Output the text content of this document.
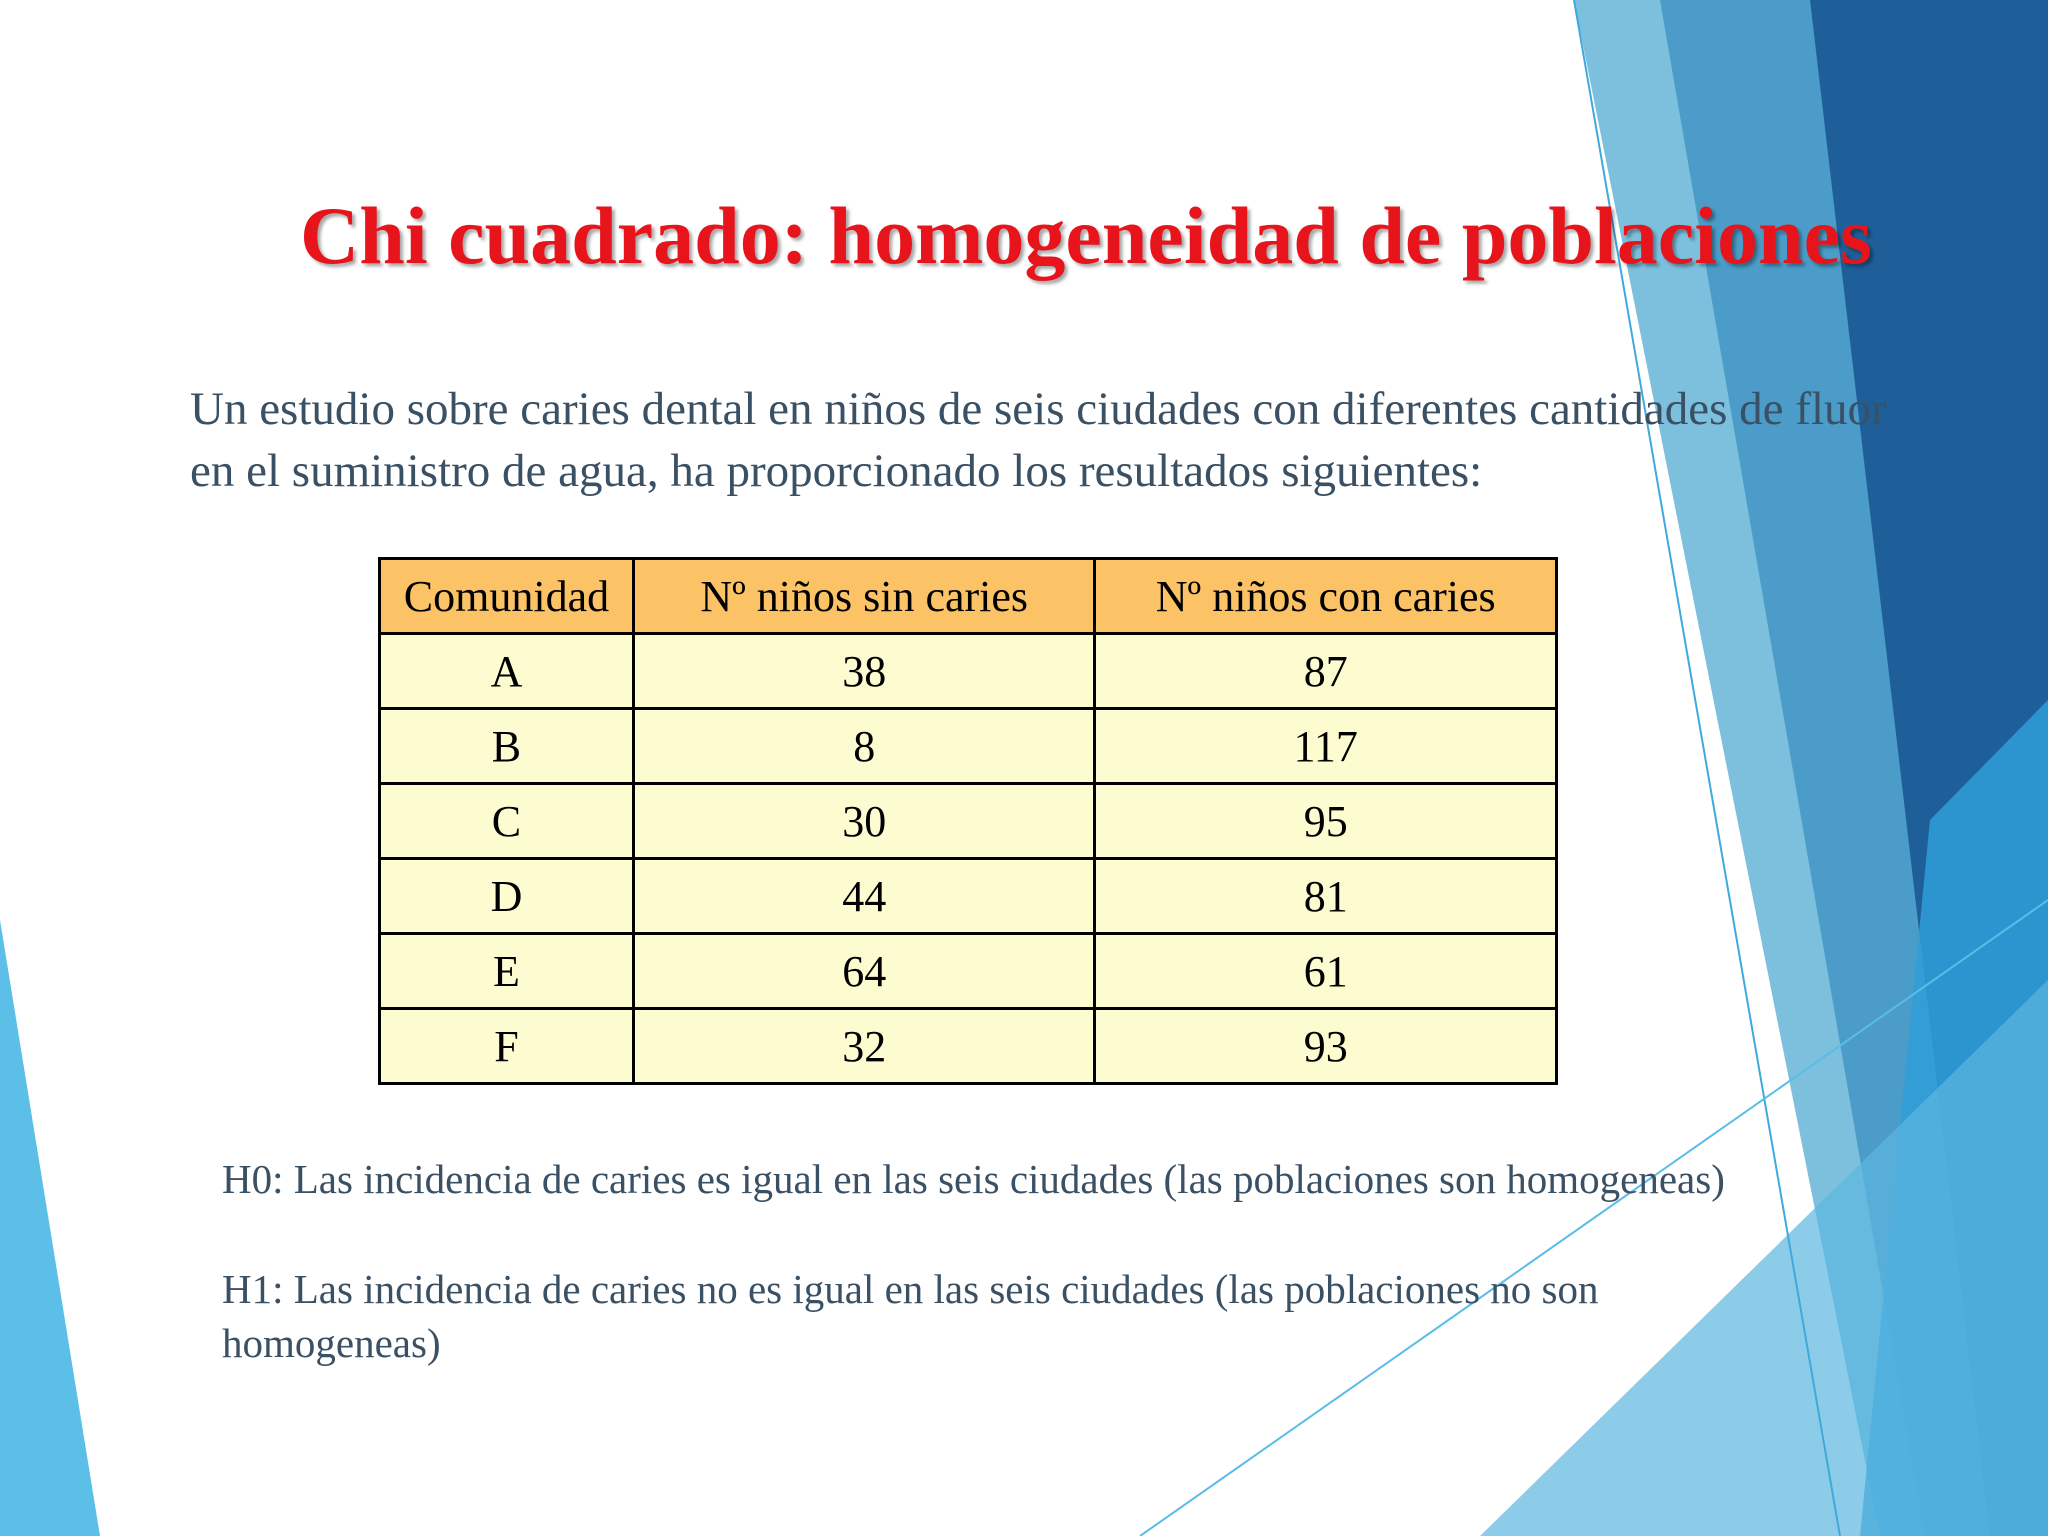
Chi cuadrado: homogeneidad de poblaciones

Un estudio sobre caries dental en niños de seis ciudades con diferentes cantidades de fluor en el suministro de agua, ha proporcionado los resultados siguientes:

Comunidad	Nº niños sin caries	Nº niños con caries
A	38	87
B	8	117
C	30	95
D	44	81
E	64	61
F	32	93

H0: Las incidencia de caries es igual en las seis ciudades (las poblaciones son homogeneas)

H1: Las incidencia de caries no es igual en las seis ciudades (las poblaciones no son homogeneas)
